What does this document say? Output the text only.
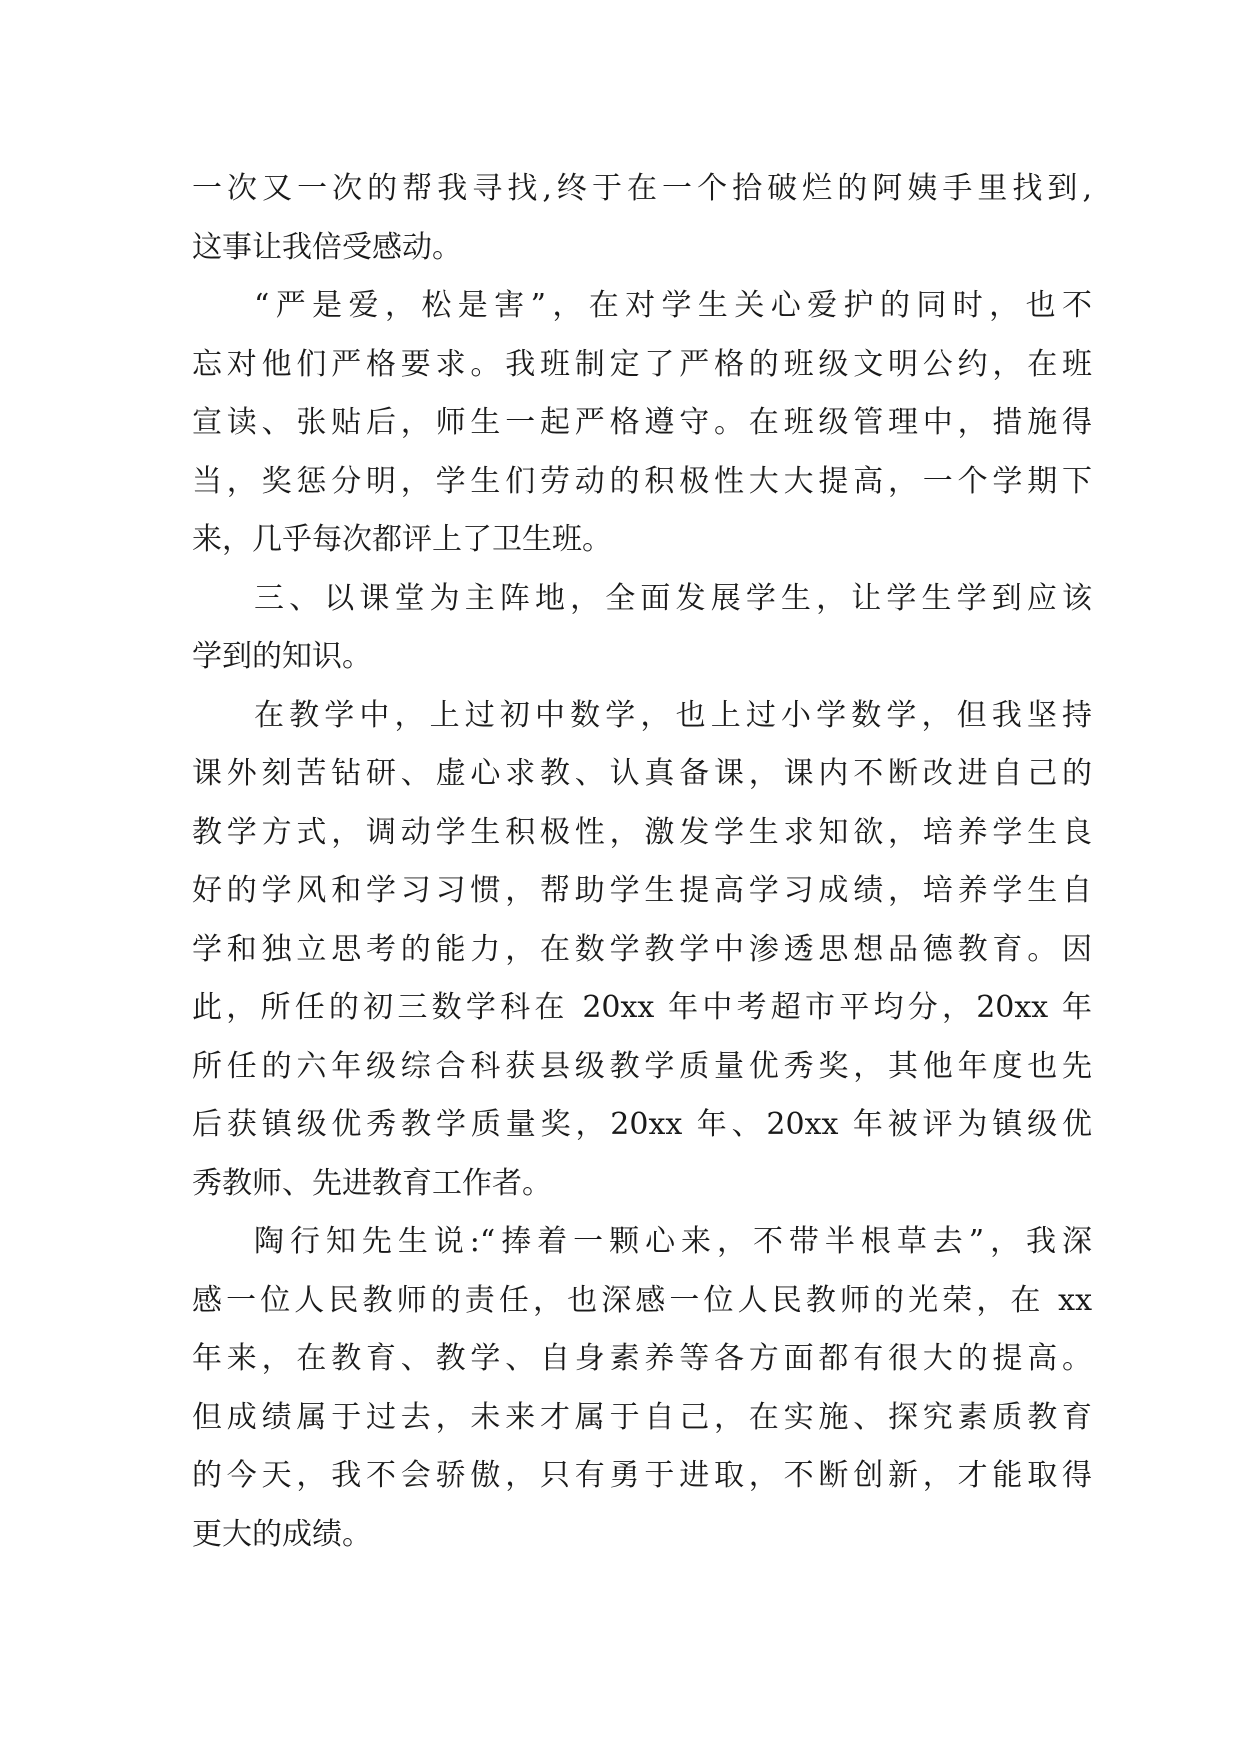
一次又一次的帮我寻找,终于在一个拾破烂的阿姨手里找到,
这事让我倍受感动。
“严是爱，松是害”，在对学生关心爱护的同时，也不
忘对他们严格要求。我班制定了严格的班级文明公约，在班
宣读、张贴后，师生一起严格遵守。在班级管理中，措施得
当，奖惩分明，学生们劳动的积极性大大提高，一个学期下
来，几乎每次都评上了卫生班。
三、以课堂为主阵地，全面发展学生，让学生学到应该
学到的知识。
在教学中，上过初中数学，也上过小学数学，但我坚持
课外刻苦钻研、虚心求教、认真备课，课内不断改进自己的
教学方式，调动学生积极性，激发学生求知欲，培养学生良
好的学风和学习习惯，帮助学生提高学习成绩，培养学生自
学和独立思考的能力，在数学教学中渗透思想品德教育。因
此，所任的初三数学科在 20xx 年中考超市平均分，20xx 年
所任的六年级综合科获县级教学质量优秀奖，其他年度也先
后获镇级优秀教学质量奖，20xx 年、20xx 年被评为镇级优
秀教师、先进教育工作者。
陶行知先生说:“捧着一颗心来，不带半根草去”，我深
感一位人民教师的责任，也深感一位人民教师的光荣，在 xx
年来，在教育、教学、自身素养等各方面都有很大的提高。
但成绩属于过去，未来才属于自己，在实施、探究素质教育
的今天，我不会骄傲，只有勇于进取，不断创新，才能取得
更大的成绩。
